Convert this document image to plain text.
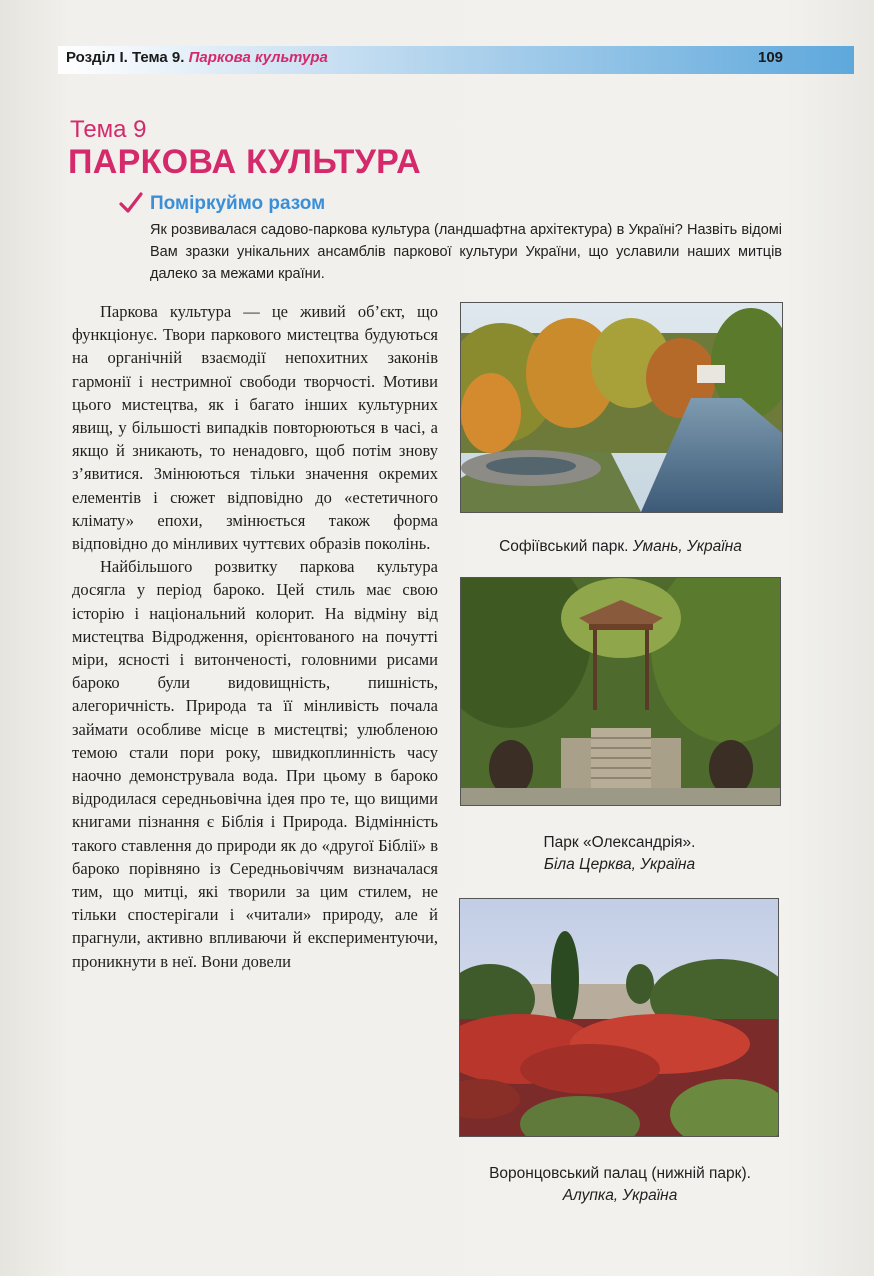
Розділ I. Тема 9. Паркова культура	109
Тема 9
ПАРКОВА КУЛЬТУРА
Поміркуймо разом
Як розвивалася садово-паркова культура (ландшафтна архітектура) в Україні? Назвіть відомі Вам зразки унікальних ансамблів паркової культури України, що уславили наших митців далеко за межами країни.

Паркова культура — це живий об’єкт, що функціонує. Твори паркового мистецтва будуються на органічній взаємодії непохитних законів гармонії і нестримної свободи творчості. Мотиви цього мистецтва, як і багато інших культурних явищ, у більшості випадків повторюються в часі, а якщо й зникають, то ненадовго, щоб потім знову з’явитися. Змінюються тільки значення окремих елементів і сюжет відповідно до «естетичного клімату» епохи, змінюється також форма відповідно до мінливих чуттєвих образів поколінь.

Найбільшого розвитку паркова культура досягла у період бароко. Цей стиль має свою історію і національний колорит. На відміну від мистецтва Відродження, орієнтованого на почутті міри, ясності і витонченості, головними рисами бароко були видовищність, пишність, алегоричність. Природа та її мінливість почала займати особливе місце в мистецтві; улюбленою темою стали пори року, швидкоплинність часу наочно демонструвала вода. При цьому в бароко відродилася середньовічна ідея про те, що вищими книгами пізнання є Біблія і Природа. Відмінність такого ставлення до природи як до «другої Біблії» в бароко порівняно із Середньовіччям визначалася тим, що митці, які творили за цим стилем, не тільки спостерігали і «читали» природу, але й прагнули, активно впливаючи й експериментуючи, проникнути в неї. Вони довели

Софіївський парк. Умань, Україна
Парк «Олександрія».
Біла Церква, Україна
Воронцовський палац (нижній парк). Алупка, Україна
